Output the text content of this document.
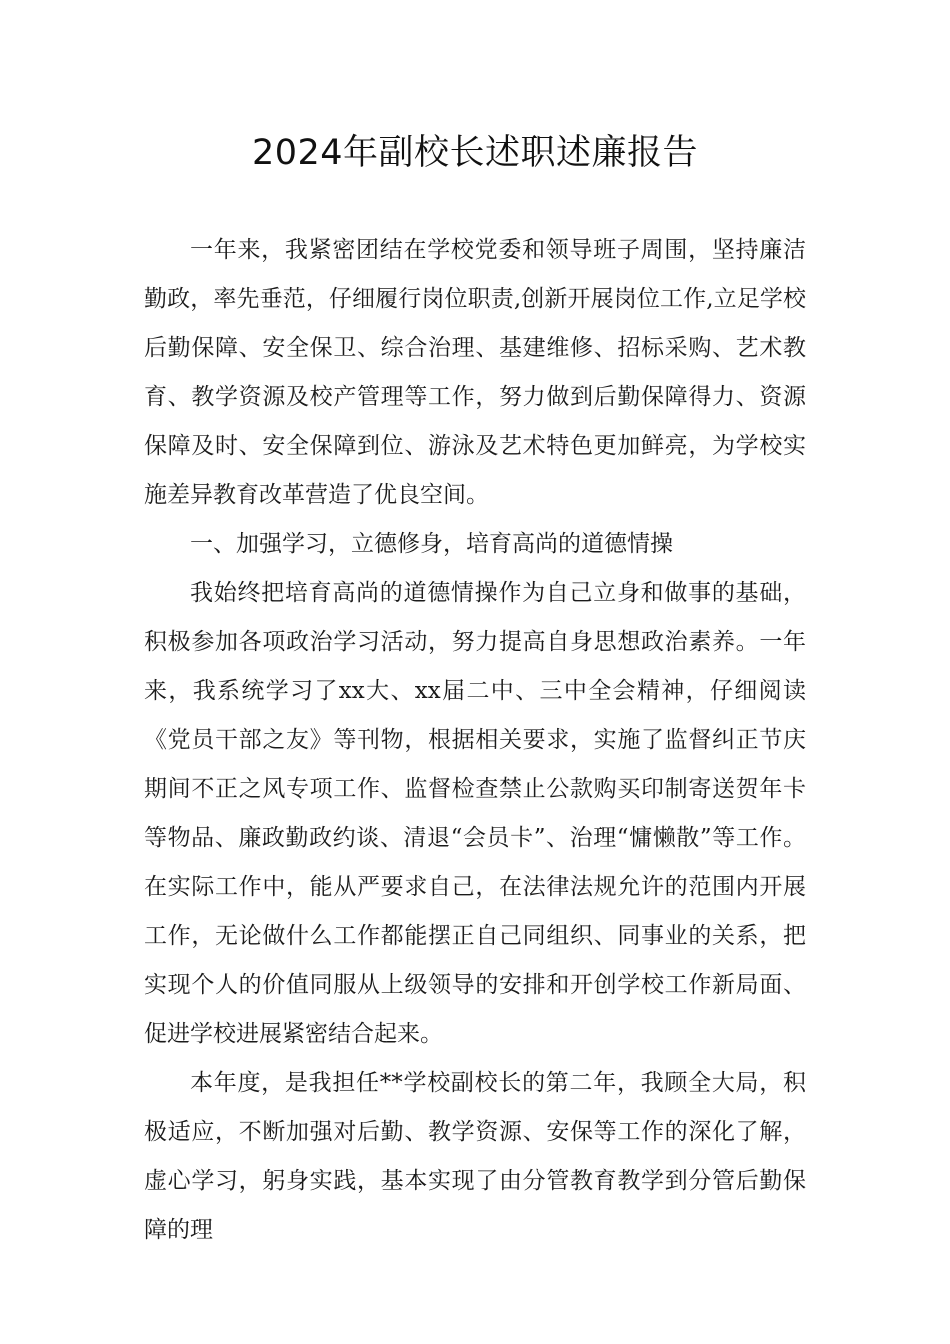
2024年副校长述职述廉报告

一年来，我紧密团结在学校党委和领导班子周围，坚持廉洁勤政，率先垂范，仔细履行岗位职责,创新开展岗位工作,立足学校后勤保障、安全保卫、综合治理、基建维修、招标采购、艺术教育、教学资源及校产管理等工作，努力做到后勤保障得力、资源保障及时、安全保障到位、游泳及艺术特色更加鲜亮，为学校实施差异教育改革营造了优良空间。

一、加强学习，立德修身，培育高尚的道德情操

我始终把培育高尚的道德情操作为自己立身和做事的基础，积极参加各项政治学习活动，努力提高自身思想政治素养。一年来，我系统学习了xx大、xx届二中、三中全会精神，仔细阅读《党员干部之友》等刊物，根据相关要求，实施了监督纠正节庆期间不正之风专项工作、监督检查禁止公款购买印制寄送贺年卡等物品、廉政勤政约谈、清退“会员卡”、治理“慵懒散”等工作。在实际工作中，能从严要求自己，在法律法规允许的范围内开展工作，无论做什么工作都能摆正自己同组织、同事业的关系，把实现个人的价值同服从上级领导的安排和开创学校工作新局面、促进学校进展紧密结合起来。

本年度，是我担任**学校副校长的第二年，我顾全大局，积极适应，不断加强对后勤、教学资源、安保等工作的深化了解，虚心学习，躬身实践，基本实现了由分管教育教学到分管后勤保障的理
